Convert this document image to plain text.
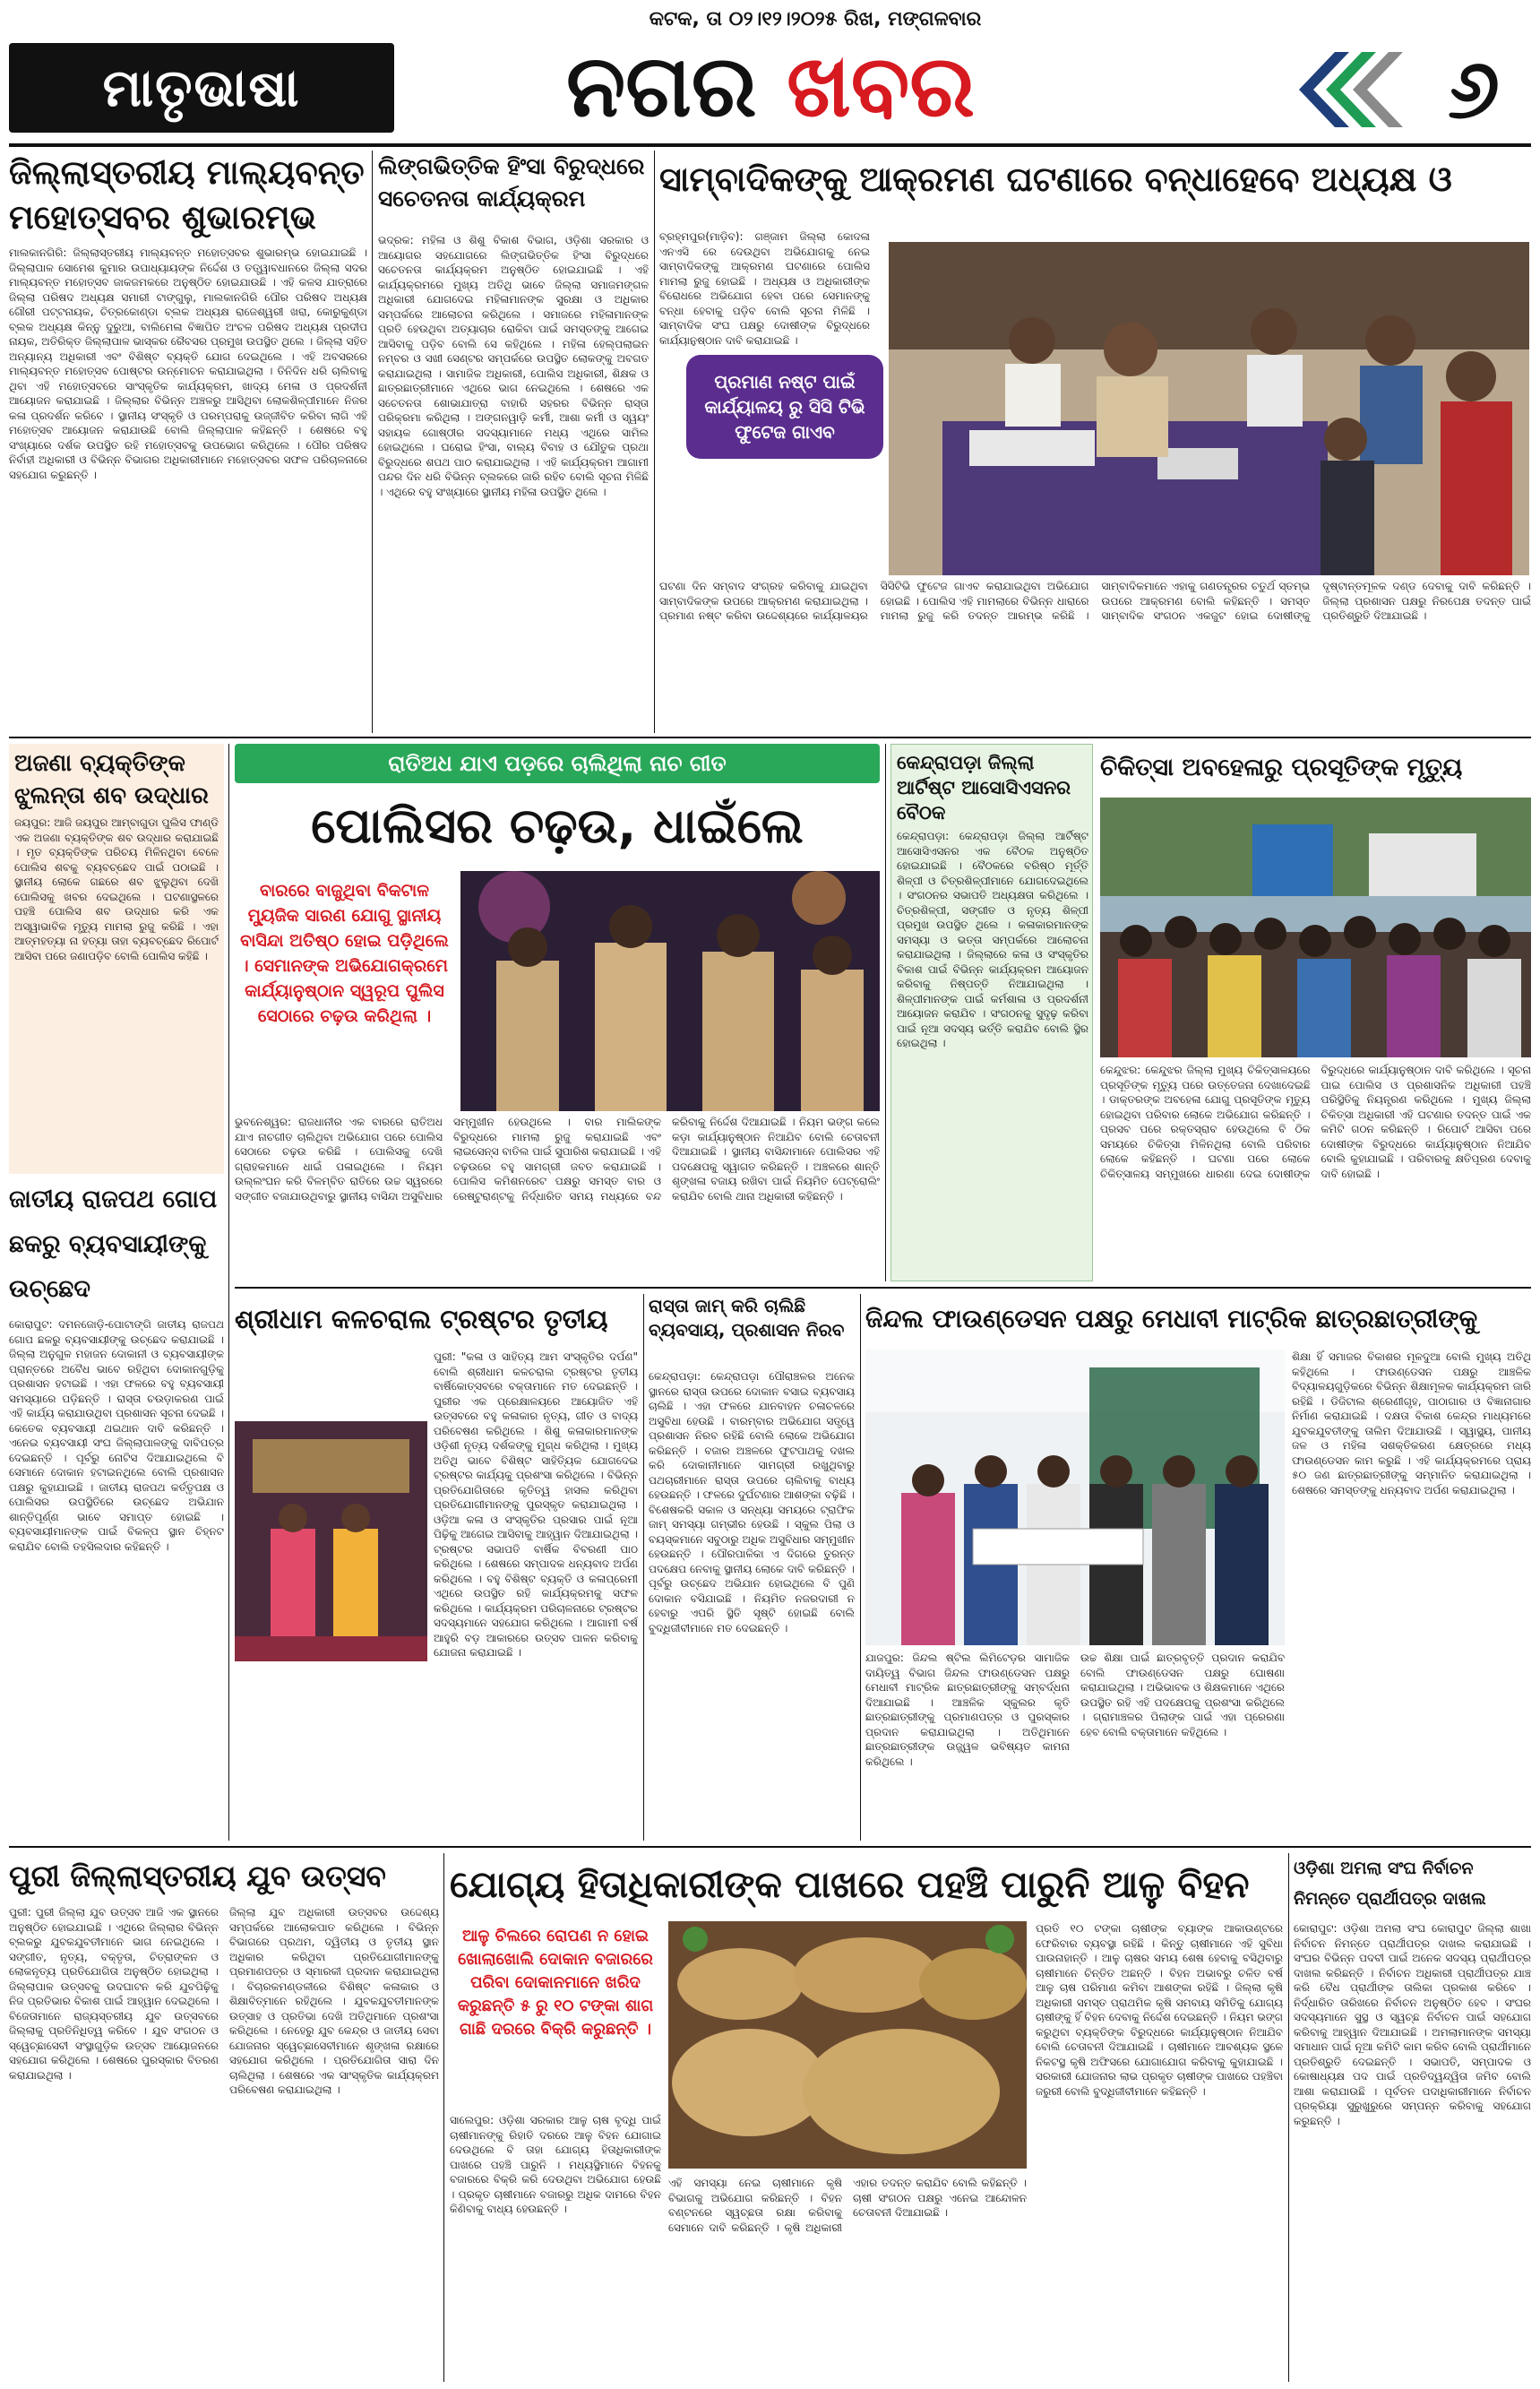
କଟକ, ତା ୦୨।୧୨।୨୦୨୫ ରିଖ, ମଙ୍ଗଳବାର
ମାତୃଭାଷା	ନଗର ଖବର	୬
ଜିଲ୍ଲାସ୍ତରୀୟ ମାଲ୍ୟବନ୍ତ ମହୋତ୍ସବର ଶୁଭାରମ୍ଭ
ମାଲକାନଗିରି: ଜିଲ୍ଲାସ୍ତରୀୟ ମାଲ୍ୟବନ୍ତ ମହୋତ୍ସବର ଶୁଭାରମ୍ଭ ହୋଇଯାଇଛି । ଜିଲ୍ଲାପାଳ ସୋମେଶ କୁମାର ଉପାଧ୍ୟାୟଙ୍କ ନିର୍ଦ୍ଦେଶ ଓ ତତ୍ତ୍ୱାବଧାନରେ ଜିଲ୍ଲା ସଦର ମାଲ୍ୟବନ୍ତ ମହୋତ୍ସବ ଜାକଜମକରେ ଅନୁଷ୍ଠିତ ହୋଇଯାଉଛି । ଏହି କଳସ ଯାତ୍ରାରେ ଜିଲ୍ଲା ପରିଷଦ ଅଧ୍ୟକ୍ଷ ସମାରୀ ଟାଙ୍ଗୁଲୁ, ମାଲକାନଗିରି ପୌର ପରିଷଦ ଅଧ୍ୟକ୍ଷ ଗୌରୀ ପଟ୍ଟନାୟକ, ଚିତ୍ରକୋଣ୍ଡା ବ୍ଲକ ଅଧ୍ୟକ୍ଷ ରାଜେଶ୍ୱରୀ ଖରା, କୋରୁକୁଣ୍ଡା ବ୍ଲକ ଅଧ୍ୟକ୍ଷ କିନ୍ନୁ ଦୁରୁଆ, ବାଲିମେଳା ବିଜ୍ଞାପିତ ଅଂଚଳ ପରିଷଦ ଅଧ୍ୟକ୍ଷ ପ୍ରଦୀପ ନାୟକ, ଅତିରିକ୍ତ ଜିଲ୍ଲାପାଳ ଭାସ୍କର ରୈବସର ପ୍ରମୁଖ ଉପସ୍ଥିତ ଥିଲେ । ଜିଲ୍ଲା ସହିତ ଅନ୍ୟାନ୍ୟ ଅଧିକାରୀ ଏବଂ ବିଶିଷ୍ଟ ବ୍ୟକ୍ତି ଯୋଗ ଦେଇଥିଲେ । ଏହି ଅବସରରେ ମାଲ୍ୟବନ୍ତ ମହୋତ୍ସବ ପୋଷ୍ଟର ଉନ୍ମୋଚନ କରାଯାଇଥିଲା । ତିନିଦିନ ଧରି ଚାଲିବାକୁ ଥିବା ଏହି ମହୋତ୍ସବରେ ସାଂସ୍କୃତିକ କାର୍ଯ୍ୟକ୍ରମ, ଖାଦ୍ୟ ମେଳା ଓ ପ୍ରଦର୍ଶନୀ ଆୟୋଜନ କରାଯାଇଛି । ଜିଲ୍ଲାର ବିଭିନ୍ନ ଅଞ୍ଚଳରୁ ଆସିଥିବା ଲୋକଶିଳ୍ପୀମାନେ ନିଜର କଳା ପ୍ରଦର୍ଶନ କରିବେ । ସ୍ଥାନୀୟ ସଂସ୍କୃତି ଓ ପରମ୍ପରାକୁ ଉଜ୍ଜୀବିତ କରିବା ଲାଗି ଏହି ମହୋତ୍ସବ ଆୟୋଜନ କରାଯାଉଛି ବୋଲି ଜିଲ୍ଲାପାଳ କହିଛନ୍ତି । ଶେଷରେ ବହୁ ସଂଖ୍ୟାରେ ଦର୍ଶକ ଉପସ୍ଥିତ ରହି ମହୋତ୍ସବକୁ ଉପଭୋଗ କରିଥିଲେ । ପୌର ପରିଷଦ ନିର୍ବାହୀ ଅଧିକାରୀ ଓ ବିଭିନ୍ନ ବିଭାଗର ଅଧିକାରୀମାନେ ମହୋତ୍ସବର ସଫଳ ପରିଚାଳନାରେ ସହଯୋଗ କରୁଛନ୍ତି ।
ଲିଙ୍ଗଭିତ୍ତିକ ହିଂସା ବିରୁଦ୍ଧରେ ସଚେତନତା କାର୍ଯ୍ୟକ୍ରମ
ଭଦ୍ରକ: ମହିଳା ଓ ଶିଶୁ ବିକାଶ ବିଭାଗ, ଓଡ଼ିଶା ସରକାର ଓ ଆୟୋଗର ସହଯୋଗରେ ଲିଙ୍ଗଭିତ୍ତିକ ହିଂସା ବିରୁଦ୍ଧରେ ସଚେତନତା କାର୍ଯ୍ୟକ୍ରମ ଅନୁଷ୍ଠିତ ହୋଇଯାଇଛି । ଏହି କାର୍ଯ୍ୟକ୍ରମରେ ମୁଖ୍ୟ ଅତିଥି ଭାବେ ଜିଲ୍ଲା ସମାଜମଙ୍ଗଳ ଅଧିକାରୀ ଯୋଗଦେଇ ମହିଳାମାନଙ୍କ ସୁରକ୍ଷା ଓ ଅଧିକାର ସମ୍ପର୍କରେ ଆଲୋଚନା କରିଥିଲେ । ସମାଜରେ ମହିଳାମାନଙ୍କ ପ୍ରତି ହେଉଥିବା ଅତ୍ୟାଚାର ରୋକିବା ପାଇଁ ସମସ୍ତଙ୍କୁ ଆଗେଇ ଆସିବାକୁ ପଡ଼ିବ ବୋଲି ସେ କହିଥିଲେ । ମହିଳା ହେଲ୍ପଲାଇନ ନମ୍ବର ଓ ସଖୀ ସେଣ୍ଟର ସମ୍ପର୍କରେ ଉପସ୍ଥିତ ଲୋକଙ୍କୁ ଅବଗତ କରାଯାଇଥିଲା । ସାମାଜିକ ଅଧିକାରୀ, ପୋଲିସ ଅଧିକାରୀ, ଶିକ୍ଷକ ଓ ଛାତ୍ରଛାତ୍ରୀମାନେ ଏଥିରେ ଭାଗ ନେଇଥିଲେ । ଶେଷରେ ଏକ ସଚେତନତା ଶୋଭାଯାତ୍ରା ବାହାରି ସହରର ବିଭିନ୍ନ ରାସ୍ତା ପରିକ୍ରମା କରିଥିଲା । ଅଙ୍ଗନୱାଡ଼ି କର୍ମୀ, ଆଶା କର୍ମୀ ଓ ସ୍ୱୟଂ ସହାୟକ ଗୋଷ୍ଠୀର ସଦସ୍ୟାମାନେ ମଧ୍ୟ ଏଥିରେ ସାମିଲ ହୋଇଥିଲେ । ଘରୋଇ ହିଂସା, ବାଲ୍ୟ ବିବାହ ଓ ଯୌତୁକ ପ୍ରଥା ବିରୁଦ୍ଧରେ ଶପଥ ପାଠ କରାଯାଇଥିଲା । ଏହି କାର୍ଯ୍ୟକ୍ରମ ଆଗାମୀ ପନ୍ଦର ଦିନ ଧରି ବିଭିନ୍ନ ବ୍ଲକରେ ଜାରି ରହିବ ବୋଲି ସୂଚନା ମିଳିଛି । ଏଥିରେ ବହୁ ସଂଖ୍ୟାରେ ସ୍ଥାନୀୟ ମହିଳା ଉପସ୍ଥିତ ଥିଲେ ।
ସାମ୍ବାଦିକଙ୍କୁ ଆକ୍ରମଣ ଘଟଣାରେ ବନ୍ଧାହେବେ ଅଧ୍ୟକ୍ଷ ଓ
ବ୍ରହ୍ମପୁର(ମାଡ଼ିବ): ଗଞ୍ଜାମ ଜିଲ୍ଲା କୋଦଳା ଏନଏସି ରେ ଦେଉଥିବା ଅଭିଯୋଗକୁ ନେଇ ସାମ୍ବାଦିକଙ୍କୁ ଆକ୍ରମଣ ଘଟଣାରେ ପୋଲିସ ମାମଲା ରୁଜୁ ହୋଇଛି । ଅଧ୍ୟକ୍ଷ ଓ ଅଧିକାରୀଙ୍କ ବିରୋଧରେ ଅଭିଯୋଗ ହେବା ପରେ ସେମାନଙ୍କୁ ବନ୍ଧା ହେବାକୁ ପଡ଼ିବ ବୋଲି ସୂଚନା ମିଳିଛି । ସାମ୍ବାଦିକ ସଂଘ ପକ୍ଷରୁ ଦୋଷୀଙ୍କ ବିରୁଦ୍ଧରେ କାର୍ଯ୍ୟାନୁଷ୍ଠାନ ଦାବି କରାଯାଇଛି ।
ପ୍ରମାଣ ନଷ୍ଟ ପାଇଁ କାର୍ଯ୍ୟାଳୟ ରୁ ସିସି ଟିଭି ଫୁଟେଜ ଗାଏବ
ଘଟଣା ଦିନ ସମ୍ବାଦ ସଂଗ୍ରହ କରିବାକୁ ଯାଇଥିବା ସାମ୍ବାଦିକଙ୍କ ଉପରେ ଆକ୍ରମଣ କରାଯାଇଥିଲା । ପ୍ରମାଣ ନଷ୍ଟ କରିବା ଉଦ୍ଦେଶ୍ୟରେ କାର୍ଯ୍ୟାଳୟର ସିସିଟିଭି ଫୁଟେଜ ଗାଏବ କରାଯାଇଥିବା ଅଭିଯୋଗ ହୋଇଛି । ପୋଲିସ ଏହି ମାମଲାରେ ବିଭିନ୍ନ ଧାରାରେ ମାମଲା ରୁଜୁ କରି ତଦନ୍ତ ଆରମ୍ଭ କରିଛି । ସାମ୍ବାଦିକମାନେ ଏହାକୁ ଗଣତନ୍ତ୍ରର ଚତୁର୍ଥ ସ୍ତମ୍ଭ ଉପରେ ଆକ୍ରମଣ ବୋଲି କହିଛନ୍ତି । ସମସ୍ତ ସାମ୍ବାଦିକ ସଂଗଠନ ଏକଜୁଟ ହୋଇ ଦୋଷୀଙ୍କୁ ଦୃଷ୍ଟାନ୍ତମୂଳକ ଦଣ୍ଡ ଦେବାକୁ ଦାବି କରିଛନ୍ତି । ଜିଲ୍ଲା ପ୍ରଶାସନ ପକ୍ଷରୁ ନିରପେକ୍ଷ ତଦନ୍ତ ପାଇଁ ପ୍ରତିଶ୍ରୁତି ଦିଆଯାଇଛି ।
ଅଜଣା ବ୍ୟକ୍ତିଙ୍କ ଝୁଲନ୍ତା ଶବ ଉଦ୍ଧାର
ଜୟପୁର: ଆଜି ଜୟପୁର ଆମ୍ବାଗୁଡା ପୁଲିସ ଫାଣ୍ଡି ଏକ ଅଜଣା ବ୍ୟକ୍ତିଙ୍କ ଶବ ଉଦ୍ଧାର କରାଯାଇଛି । ମୃତ ବ୍ୟକ୍ତିଙ୍କ ପରିଚୟ ମିଳିନଥିବା ବେଳେ ପୋଲିସ ଶବକୁ ବ୍ୟବଚ୍ଛେଦ ପାଇଁ ପଠାଇଛି । ସ୍ଥାନୀୟ ଲୋକେ ଗଛରେ ଶବ ଝୁଲୁଥିବା ଦେଖି ପୋଲିସକୁ ଖବର ଦେଇଥିଲେ । ଘଟଣାସ୍ଥଳରେ ପହଞ୍ଚି ପୋଲିସ ଶବ ଉଦ୍ଧାର କରି ଏକ ଅସ୍ୱାଭାବିକ ମୃତ୍ୟୁ ମାମଲା ରୁଜୁ କରିଛି । ଏହା ଆତ୍ମହତ୍ୟା ନା ହତ୍ୟା ତାହା ବ୍ୟବଚ୍ଛେଦ ରିପୋର୍ଟ ଆସିବା ପରେ ଜଣାପଡ଼ିବ ବୋଲି ପୋଲିସ କହିଛି ।
ଜାତୀୟ ରାଜପଥ ଗୋପ ଛକରୁ ବ୍ୟବସାୟୀଙ୍କୁ ଉଚ୍ଛେଦ
କୋରାପୁଟ: ଦମନଜୋଡ଼ି-ପୋଟାଙ୍ଗି ଜାତୀୟ ରାଜପଥ ଗୋପ ଛକରୁ ବ୍ୟବସାୟୀଙ୍କୁ ଉଚ୍ଛେଦ କରାଯାଇଛି । ଜିଲ୍ଲା ଅନୁଗୁଳ ମହାଜନ ଦୋକାନୀ ଓ ବ୍ୟବସାୟୀଙ୍କ ପ୍ରାନ୍ତରେ ଅବୈଧ ଭାବେ ରହିଥିବା ଦୋକାନଗୁଡ଼ିକୁ ପ୍ରଶାସନ ହଟାଇଛି । ଏହା ଫଳରେ ବହୁ ବ୍ୟବସାୟୀ ସମସ୍ୟାରେ ପଡ଼ିଛନ୍ତି । ରାସ୍ତା ଚଉଡ଼ାକରଣ ପାଇଁ ଏହି କାର୍ଯ୍ୟ କରାଯାଉଥିବା ପ୍ରଶାସନ ସୂଚନା ଦେଇଛି । କେତେକ ବ୍ୟବସାୟୀ ଥଇଥାନ ଦାବି କରିଛନ୍ତି । ଏନେଇ ବ୍ୟବସାୟୀ ସଂଘ ଜିଲ୍ଲାପାଳଙ୍କୁ ଦାବିପତ୍ର ଦେଇଛନ୍ତି । ପୂର୍ବରୁ ନୋଟିସ ଦିଆଯାଇଥିଲେ ବି ସେମାନେ ଦୋକାନ ହଟାଇନଥିଲେ ବୋଲି ପ୍ରଶାସନ ପକ୍ଷରୁ କୁହାଯାଇଛି । ଜାତୀୟ ରାଜପଥ କର୍ତ୍ତୃପକ୍ଷ ଓ ପୋଲିସର ଉପସ୍ଥିତିରେ ଉଚ୍ଛେଦ ଅଭିଯାନ ଶାନ୍ତିପୂର୍ଣ୍ଣ ଭାବେ ସମାପ୍ତ ହୋଇଛି । ବ୍ୟବସାୟୀମାନଙ୍କ ପାଇଁ ବିକଳ୍ପ ସ୍ଥାନ ଚିହ୍ନଟ କରାଯିବ ବୋଲି ତହସିଲଦାର କହିଛନ୍ତି ।
ରାତିଅଧ ଯାଏ ପଡ଼ରେ ଚାଲିଥିଲା ନାଚ ଗୀତ
ପୋଲିସର ଚଢ଼ଉ, ଧାଇଁଲେ
ବାରରେ ବାଜୁଥିବା ବିକଟାଳ ମ୍ୟୁଜିକ ସାରଣ ଯୋଗୁ ସ୍ଥାନୀୟ ବାସିନ୍ଦା ଅତିଷ୍ଠ ହୋଇ ପଡ଼ିଥିଲେ । ସେମାନଙ୍କ ଅଭିଯୋଗକ୍ରମେ କାର୍ଯ୍ୟାନୁଷ୍ଠାନ ସ୍ୱରୂପ ପୁଲିସ ସେଠାରେ ଚଢ଼ଉ କରିଥିଲା ।
ଭୁବନେଶ୍ୱର: ରାଜଧାନୀର ଏକ ବାରରେ ରାତିଅଧ ଯାଏ ନାଚଗୀତ ଚାଲିଥିବା ଅଭିଯୋଗ ପରେ ପୋଲିସ ସେଠାରେ ଚଢ଼ଉ କରିଛି । ପୋଲିସକୁ ଦେଖି ଗ୍ରାହକମାନେ ଧାଇଁ ପଳାଇଥିଲେ । ନିୟମ ଉଲ୍ଲଂଘନ କରି ବିଳମ୍ବିତ ରାତିରେ ଉଚ୍ଚ ସ୍ୱରରେ ସଙ୍ଗୀତ ବଜାଯାଉଥିବାରୁ ସ୍ଥାନୀୟ ବାସିନ୍ଦା ଅସୁବିଧାର ସମ୍ମୁଖୀନ ହେଉଥିଲେ । ବାର ମାଲିକଙ୍କ ବିରୁଦ୍ଧରେ ମାମଲା ରୁଜୁ କରାଯାଇଛି ଏବଂ ଲାଇସେନ୍ସ ବାତିଲ ପାଇଁ ସୁପାରିଶ କରାଯାଇଛି । ଏହି ଚଢ଼ଉରେ ବହୁ ସାମଗ୍ରୀ ଜବତ କରାଯାଇଛି । ପୋଲିସ କମିଶନରେଟ ପକ୍ଷରୁ ସମସ୍ତ ବାର ଓ ରେଷ୍ଟୁରାଣ୍ଟକୁ ନିର୍ଦ୍ଧାରିତ ସମୟ ମଧ୍ୟରେ ବନ୍ଦ କରିବାକୁ ନିର୍ଦ୍ଦେଶ ଦିଆଯାଇଛି । ନିୟମ ଭଙ୍ଗ କଲେ କଡ଼ା କାର୍ଯ୍ୟାନୁଷ୍ଠାନ ନିଆଯିବ ବୋଲି ଚେତାବନୀ ଦିଆଯାଇଛି । ସ୍ଥାନୀୟ ବାସିନ୍ଦାମାନେ ପୋଲିସର ଏହି ପଦକ୍ଷେପକୁ ସ୍ୱାଗତ କରିଛନ୍ତି । ଅଞ୍ଚଳରେ ଶାନ୍ତି ଶୃଙ୍ଖଳା ବଜାୟ ରଖିବା ପାଇଁ ନିୟମିତ ପେଟ୍ରୋଲିଂ କରାଯିବ ବୋଲି ଥାନା ଅଧିକାରୀ କହିଛନ୍ତି ।
କେନ୍ଦ୍ରାପଡ଼ା ଜିଲ୍ଲା ଆର୍ଟିଷ୍ଟ ଆସୋସିଏସନର ବୈଠକ
କେନ୍ଦ୍ରାପଡ଼ା: କେନ୍ଦ୍ରାପଡ଼ା ଜିଲ୍ଲା ଆର୍ଟିଷ୍ଟ ଆସୋସିଏସନର ଏକ ବୈଠକ ଅନୁଷ୍ଠିତ ହୋଇଯାଇଛି । ବୈଠକରେ ବରିଷ୍ଠ ମୂର୍ତ୍ତି ଶିଳ୍ପୀ ଓ ଚିତ୍ରଶିଳ୍ପୀମାନେ ଯୋଗଦେଇଥିଲେ । ସଂଗଠନର ସଭାପତି ଅଧ୍ୟକ୍ଷତା କରିଥିଲେ । ଚିତ୍ରଶିଳ୍ପୀ, ସଙ୍ଗୀତ ଓ ନୃତ୍ୟ ଶିଳ୍ପୀ ପ୍ରମୁଖ ଉପସ୍ଥିତ ଥିଲେ । କଳାକାରମାନଙ୍କ ସମସ୍ୟା ଓ ଭତ୍ତା ସମ୍ପର୍କରେ ଆଲୋଚନା କରାଯାଇଥିଲା । ଜିଲ୍ଲାରେ କଳା ଓ ସଂସ୍କୃତିର ବିକାଶ ପାଇଁ ବିଭିନ୍ନ କାର୍ଯ୍ୟକ୍ରମ ଆୟୋଜନ କରିବାକୁ ନିଷ୍ପତ୍ତି ନିଆଯାଇଥିଲା । ଶିଳ୍ପୀମାନଙ୍କ ପାଇଁ କର୍ମଶାଳା ଓ ପ୍ରଦର୍ଶନୀ ଆୟୋଜନ କରାଯିବ । ସଂଗଠନକୁ ସୁଦୃଢ଼ କରିବା ପାଇଁ ନୂଆ ସଦସ୍ୟ ଭର୍ତ୍ତି କରାଯିବ ବୋଲି ସ୍ଥିର ହୋଇଥିଲା ।
ଚିକିତ୍ସା ଅବହେଳାରୁ ପ୍ରସୂତିଙ୍କ ମୃତ୍ୟୁ
କେନ୍ଦୁଝର: କେନ୍ଦୁଝର ଜିଲ୍ଲା ମୁଖ୍ୟ ଚିକିତ୍ସାଳୟରେ ପ୍ରସୂତିଙ୍କ ମୃତ୍ୟୁ ପରେ ଉତ୍ତେଜନା ଦେଖାଦେଇଛି । ଡାକ୍ତରଙ୍କ ଅବହେଳା ଯୋଗୁ ପ୍ରସୂତିଙ୍କ ମୃତ୍ୟୁ ହୋଇଥିବା ପରିବାର ଲୋକେ ଅଭିଯୋଗ କରିଛନ୍ତି । ପ୍ରସବ ପରେ ରକ୍ତସ୍ରାବ ହେଉଥିଲେ ବି ଠିକ ସମୟରେ ଚିକିତ୍ସା ମିଳିନଥିଲା ବୋଲି ପରିବାର ଲୋକେ କହିଛନ୍ତି । ଘଟଣା ପରେ ଲୋକେ ଚିକିତ୍ସାଳୟ ସମ୍ମୁଖରେ ଧାରଣା ଦେଇ ଦୋଷୀଙ୍କ ବିରୁଦ୍ଧରେ କାର୍ଯ୍ୟାନୁଷ୍ଠାନ ଦାବି କରିଥିଲେ । ସୂଚନା ପାଇ ପୋଲିସ ଓ ପ୍ରଶାସନିକ ଅଧିକାରୀ ପହଞ୍ଚି ପରିସ୍ଥିତିକୁ ନିୟନ୍ତ୍ରଣ କରିଥିଲେ । ମୁଖ୍ୟ ଜିଲ୍ଲା ଚିକିତ୍ସା ଅଧିକାରୀ ଏହି ଘଟଣାର ତଦନ୍ତ ପାଇଁ ଏକ କମିଟି ଗଠନ କରିଛନ୍ତି । ରିପୋର୍ଟ ଆସିବା ପରେ ଦୋଷୀଙ୍କ ବିରୁଦ୍ଧରେ କାର୍ଯ୍ୟାନୁଷ୍ଠାନ ନିଆଯିବ ବୋଲି କୁହାଯାଇଛି । ପରିବାରକୁ କ୍ଷତିପୂରଣ ଦେବାକୁ ଦାବି ହୋଇଛି ।
ଶ୍ରୀଧାମ କଳଚରାଲ ଟ୍ରଷ୍ଟର ତୃତୀୟ
ପୁରୀ: "କଳା ଓ ସାହିତ୍ୟ ଆମ ସଂସ୍କୃତିର ଦର୍ପଣ" ବୋଲି ଶ୍ରୀଧାମ କଳଚରାଲ ଟ୍ରଷ୍ଟର ତୃତୀୟ ବାର୍ଷିକୋତ୍ସବରେ ବକ୍ତାମାନେ ମତ ଦେଇଛନ୍ତି । ପୁରୀର ଏକ ପ୍ରେକ୍ଷାଳୟରେ ଆୟୋଜିତ ଏହି ଉତ୍ସବରେ ବହୁ କଳାକାର ନୃତ୍ୟ, ଗୀତ ଓ ବାଦ୍ୟ ପରିବେଷଣ କରିଥିଲେ । ଶିଶୁ କଳାକାରମାନଙ୍କ ଓଡ଼ିଶୀ ନୃତ୍ୟ ଦର୍ଶକଙ୍କୁ ମୁଗ୍ଧ କରିଥିଲା । ମୁଖ୍ୟ ଅତିଥି ଭାବେ ବିଶିଷ୍ଟ ସାହିତ୍ୟିକ ଯୋଗଦେଇ ଟ୍ରଷ୍ଟର କାର୍ଯ୍ୟକୁ ପ୍ରଶଂସା କରିଥିଲେ । ବିଭିନ୍ନ ପ୍ରତିଯୋଗିତାରେ କୃତିତ୍ୱ ହାସଲ କରିଥିବା ପ୍ରତିଯୋଗୀମାନଙ୍କୁ ପୁରସ୍କୃତ କରାଯାଇଥିଲା । ଓଡ଼ିଆ କଳା ଓ ସଂସ୍କୃତିର ପ୍ରସାର ପାଇଁ ନୂଆ ପିଢ଼ିକୁ ଆଗେଇ ଆସିବାକୁ ଆହ୍ୱାନ ଦିଆଯାଇଥିଲା । ଟ୍ରଷ୍ଟର ସଭାପତି ବାର୍ଷିକ ବିବରଣୀ ପାଠ କରିଥିଲେ । ଶେଷରେ ସମ୍ପାଦକ ଧନ୍ୟବାଦ ଅର୍ପଣ କରିଥିଲେ । ବହୁ ବିଶିଷ୍ଟ ବ୍ୟକ୍ତି ଓ କଳାପ୍ରେମୀ ଏଥିରେ ଉପସ୍ଥିତ ରହି କାର୍ଯ୍ୟକ୍ରମକୁ ସଫଳ କରିଥିଲେ । କାର୍ଯ୍ୟକ୍ରମ ପରିଚାଳନାରେ ଟ୍ରଷ୍ଟର ସଦସ୍ୟମାନେ ସହଯୋଗ କରିଥିଲେ । ଆଗାମୀ ବର୍ଷ ଆହୁରି ବଡ଼ ଆକାରରେ ଉତ୍ସବ ପାଳନ କରିବାକୁ ଯୋଜନା କରାଯାଇଛି ।
ରାସ୍ତା ଜାମ୍ କରି ଚାଲିଛି ବ୍ୟବସାୟ, ପ୍ରଶାସନ ନିରବ
କେନ୍ଦ୍ରାପଡ଼ା: କେନ୍ଦ୍ରାପଡ଼ା ପୌରାଞ୍ଚଳର ଅନେକ ସ୍ଥାନରେ ରାସ୍ତା ଉପରେ ଦୋକାନ ବସାଇ ବ୍ୟବସାୟ ଚାଲିଛି । ଏହା ଫଳରେ ଯାନବାହନ ଚଳାଚଳରେ ଅସୁବିଧା ହେଉଛି । ବାରମ୍ବାର ଅଭିଯୋଗ ସତ୍ତ୍ୱେ ପ୍ରଶାସନ ନିରବ ରହିଛି ବୋଲି ଲୋକେ ଅଭିଯୋଗ କରିଛନ୍ତି । ବଜାର ଅଞ୍ଚଳରେ ଫୁଟପାଥକୁ ଦଖଲ କରି ଦୋକାନୀମାନେ ସାମଗ୍ରୀ ରଖୁଥିବାରୁ ପଥଚାରୀମାନେ ରାସ୍ତା ଉପରେ ଚାଲିବାକୁ ବାଧ୍ୟ ହେଉଛନ୍ତି । ଫଳରେ ଦୁର୍ଘଟଣାର ଆଶଙ୍କା ବଢ଼ିଛି । ବିଶେଷକରି ସକାଳ ଓ ସନ୍ଧ୍ୟା ସମୟରେ ଟ୍ରାଫିକ ଜାମ୍ ସମସ୍ୟା ଗମ୍ଭୀର ହେଉଛି । ସ୍କୁଲ ପିଲା ଓ ବୟସ୍କମାନେ ସବୁଠାରୁ ଅଧିକ ଅସୁବିଧାର ସମ୍ମୁଖୀନ ହେଉଛନ୍ତି । ପୌରପାଳିକା ଏ ଦିଗରେ ତୁରନ୍ତ ପଦକ୍ଷେପ ନେବାକୁ ସ୍ଥାନୀୟ ଲୋକେ ଦାବି କରିଛନ୍ତି । ପୂର୍ବରୁ ଉଚ୍ଛେଦ ଅଭିଯାନ ହୋଇଥିଲେ ବି ପୁଣି ଦୋକାନ ବସିଯାଇଛି । ନିୟମିତ ନଜରଦାରୀ ନ ହେବାରୁ ଏପରି ସ୍ଥିତି ସୃଷ୍ଟି ହୋଇଛି ବୋଲି ବୁଦ୍ଧିଜୀବୀମାନେ ମତ ଦେଇଛନ୍ତି ।
ଜିନ୍ଦଲ ଫାଉଣ୍ଡେସନ ପକ୍ଷରୁ ମେଧାବୀ ମାଟ୍ରିକ ଛାତ୍ରଛାତ୍ରୀଙ୍କୁ
ଶିକ୍ଷା ହିଁ ସମାଜର ବିକାଶର ମୂଳଦୁଆ ବୋଲି ମୁଖ୍ୟ ଅତିଥି କହିଥିଲେ । ଫାଉଣ୍ଡେସନ ପକ୍ଷରୁ ଆଞ୍ଚଳିକ ବିଦ୍ୟାଳୟଗୁଡ଼ିକରେ ବିଭିନ୍ନ ଶିକ୍ଷାମୂଳକ କାର୍ଯ୍ୟକ୍ରମ ଜାରି ରହିଛି । ଡିଜିଟାଲ ଶ୍ରେଣୀଗୃହ, ପାଠାଗାର ଓ ବିଜ୍ଞାନାଗାର ନିର୍ମାଣ କରାଯାଇଛି । ଦକ୍ଷତା ବିକାଶ କେନ୍ଦ୍ର ମାଧ୍ୟମରେ ଯୁବକଯୁବତୀଙ୍କୁ ତାଲିମ ଦିଆଯାଉଛି । ସ୍ୱାସ୍ଥ୍ୟ, ପାନୀୟ ଜଳ ଓ ମହିଳା ସଶକ୍ତିକରଣ କ୍ଷେତ୍ରରେ ମଧ୍ୟ ଫାଉଣ୍ଡେସନ କାମ କରୁଛି । ଏହି କାର୍ଯ୍ୟକ୍ରମରେ ପ୍ରାୟ ୫୦ ଜଣ ଛାତ୍ରଛାତ୍ରୀଙ୍କୁ ସମ୍ମାନିତ କରାଯାଇଥିଲା । ଶେଷରେ ସମସ୍ତଙ୍କୁ ଧନ୍ୟବାଦ ଅର୍ପଣ କରାଯାଇଥିଲା ।
ଯାଜପୁର: ଜିନ୍ଦଲ ଷ୍ଟିଲ ଲିମିଟେଡ଼ର ସାମାଜିକ ଦାୟିତ୍ୱ ବିଭାଗ ଜିନ୍ଦଲ ଫାଉଣ୍ଡେସନ ପକ୍ଷରୁ ମେଧାବୀ ମାଟ୍ରିକ ଛାତ୍ରଛାତ୍ରୀଙ୍କୁ ସମ୍ବର୍ଦ୍ଧନା ଦିଆଯାଇଛି । ଆଞ୍ଚଳିକ ସ୍କୁଲର କୃତି ଛାତ୍ରଛାତ୍ରୀଙ୍କୁ ପ୍ରମାଣପତ୍ର ଓ ପୁରସ୍କାର ପ୍ରଦାନ କରାଯାଇଥିଲା । ଅତିଥିମାନେ ଛାତ୍ରଛାତ୍ରୀଙ୍କ ଉଜ୍ଜ୍ୱଳ ଭବିଷ୍ୟତ କାମନା କରିଥିଲେ ।
ଉଚ୍ଚ ଶିକ୍ଷା ପାଇଁ ଛାତ୍ରବୃତ୍ତି ପ୍ରଦାନ କରାଯିବ ବୋଲି ଫାଉଣ୍ଡେସନ ପକ୍ଷରୁ ଘୋଷଣା କରାଯାଇଥିଲା । ଅଭିଭାବକ ଓ ଶିକ୍ଷକମାନେ ଏଥିରେ ଉପସ୍ଥିତ ରହି ଏହି ପଦକ୍ଷେପକୁ ପ୍ରଶଂସା କରିଥିଲେ । ଗ୍ରାମାଞ୍ଚଳର ପିଲାଙ୍କ ପାଇଁ ଏହା ପ୍ରେରଣା ହେବ ବୋଲି ବକ୍ତାମାନେ କହିଥିଲେ ।
ପୁରୀ ଜିଲ୍ଲାସ୍ତରୀୟ ଯୁବ ଉତ୍ସବ
ପୁରୀ: ପୁରୀ ଜିଲ୍ଲା ଯୁବ ଉତ୍ସବ ଆଜି ଏକ ସ୍ଥାନରେ ଅନୁଷ୍ଠିତ ହୋଇଯାଇଛି । ଏଥିରେ ଜିଲ୍ଲାର ବିଭିନ୍ନ ବ୍ଲକରୁ ଯୁବକଯୁବତୀମାନେ ଭାଗ ନେଇଥିଲେ । ସଙ୍ଗୀତ, ନୃତ୍ୟ, ବକ୍ତୃତା, ଚିତ୍ରାଙ୍କନ ଓ ଲୋକନୃତ୍ୟ ପ୍ରତିଯୋଗିତା ଅନୁଷ୍ଠିତ ହୋଇଥିଲା । ଜିଲ୍ଲାପାଳ ଉତ୍ସବକୁ ଉଦଘାଟନ କରି ଯୁବପିଢ଼ିକୁ ନିଜ ପ୍ରତିଭାର ବିକାଶ ପାଇଁ ଆହ୍ୱାନ ଦେଇଥିଲେ । ବିଜେତାମାନେ ରାଜ୍ୟସ୍ତରୀୟ ଯୁବ ଉତ୍ସବରେ ଜିଲ୍ଲାକୁ ପ୍ରତିନିଧିତ୍ୱ କରିବେ । ଯୁବ ସଂଗଠନ ଓ ସ୍ୱେଚ୍ଛାସେବୀ ସଂସ୍ଥାଗୁଡ଼ିକ ଉତ୍ସବ ଆୟୋଜନରେ ସହଯୋଗ କରିଥିଲେ । ଶେଷରେ ପୁରସ୍କାର ବିତରଣ କରାଯାଇଥିଲା ।
ଜିଲ୍ଲା ଯୁବ ଅଧିକାରୀ ଉତ୍ସବର ଉଦ୍ଦେଶ୍ୟ ସମ୍ପର୍କରେ ଆଲୋକପାତ କରିଥିଲେ । ବିଭିନ୍ନ ବିଭାଗରେ ପ୍ରଥମ, ଦ୍ୱିତୀୟ ଓ ତୃତୀୟ ସ୍ଥାନ ଅଧିକାର କରିଥିବା ପ୍ରତିଯୋଗୀମାନଙ୍କୁ ପ୍ରମାଣପତ୍ର ଓ ସ୍ମାରକୀ ପ୍ରଦାନ କରାଯାଇଥିଲା । ବିଚାରକମଣ୍ଡଳୀରେ ବିଶିଷ୍ଟ କଳାକାର ଓ ଶିକ୍ଷାବିତ୍ମାନେ ରହିଥିଲେ । ଯୁବକଯୁବତୀମାନଙ୍କ ଉତ୍ସାହ ଓ ପ୍ରତିଭା ଦେଖି ଅତିଥିମାନେ ପ୍ରଶଂସା କରିଥିଲେ । ନେହେରୁ ଯୁବ କେନ୍ଦ୍ର ଓ ଜାତୀୟ ସେବା ଯୋଜନାର ସ୍ୱେଚ୍ଛାସେବୀମାନେ ଶୃଙ୍ଖଳା ରକ୍ଷାରେ ସହଯୋଗ କରିଥିଲେ । ପ୍ରତିଯୋଗିତା ସାରା ଦିନ ଚାଲିଥିଲା । ଶେଷରେ ଏକ ସାଂସ୍କୃତିକ କାର୍ଯ୍ୟକ୍ରମ ପରିବେଷଣ କରାଯାଇଥିଲା ।
ଯୋଗ୍ୟ ହିତାଧିକାରୀଙ୍କ ପାଖରେ ପହଞ୍ଚି ପାରୁନି ଆଳୁ ବିହନ
ଆଳୁ ଚିଲରେ ରୋପଣ ନ ହୋଇ ଖୋଲାଖୋଲି ଦୋକାନ ବଜାରରେ ପରିବା ଦୋକାନମାନେ ଖରିଦ କରୁଛନ୍ତି ୫ ରୁ ୧୦ ଟଙ୍କା ଶାଗ ଗାଛି ଦରରେ ବିକ୍ରି କରୁଛନ୍ତି ।
ସାଲେପୁର: ଓଡ଼ିଶା ସରକାର ଆଳୁ ଚାଷ ବୃଦ୍ଧି ପାଇଁ ଚାଷୀମାନଙ୍କୁ ରିହାତି ଦରରେ ଆଳୁ ବିହନ ଯୋଗାଇ ଦେଉଥିଲେ ବି ତାହା ଯୋଗ୍ୟ ହିତାଧିକାରୀଙ୍କ ପାଖରେ ପହଞ୍ଚି ପାରୁନି । ମଧ୍ୟସ୍ଥିମାନେ ବିହନକୁ ବଜାରରେ ବିକ୍ରି କରି ଦେଉଥିବା ଅଭିଯୋଗ ହେଉଛି । ପ୍ରକୃତ ଚାଷୀମାନେ ବଜାରରୁ ଅଧିକ ଦାମରେ ବିହନ କିଣିବାକୁ ବାଧ୍ୟ ହେଉଛନ୍ତି ।
ଏହି ସମସ୍ୟା ନେଇ ଚାଷୀମାନେ କୃଷି ବିଭାଗକୁ ଅଭିଯୋଗ କରିଛନ୍ତି । ବିହନ ବଣ୍ଟନରେ ସ୍ୱଚ୍ଛତା ରକ୍ଷା କରିବାକୁ ସେମାନେ ଦାବି କରିଛନ୍ତି । କୃଷି ଅଧିକାରୀ ଏହାର ତଦନ୍ତ କରାଯିବ ବୋଲି କହିଛନ୍ତି । ଚାଷୀ ସଂଗଠନ ପକ୍ଷରୁ ଏନେଇ ଆନ୍ଦୋଳନ ଚେତାବନୀ ଦିଆଯାଇଛି ।
ପ୍ରତି ୧୦ ଟଙ୍କା ଚାଷୀଙ୍କ ବ୍ୟାଙ୍କ ଆକାଉଣ୍ଟରେ ଫେରିବାର ବ୍ୟବସ୍ଥା ରହିଛି । କିନ୍ତୁ ଚାଷୀମାନେ ଏହି ସୁବିଧା ପାଉନାହାନ୍ତି । ଆଳୁ ଚାଷର ସମୟ ଶେଷ ହେବାକୁ ବସିଥିବାରୁ ଚାଷୀମାନେ ଚିନ୍ତିତ ଅଛନ୍ତି । ବିହନ ଅଭାବରୁ ଚଳିତ ବର୍ଷ ଆଳୁ ଚାଷ ପରିମାଣ କମିବା ଆଶଙ୍କା ରହିଛି । ଜିଲ୍ଲା କୃଷି ଅଧିକାରୀ ସମସ୍ତ ପ୍ରାଥମିକ କୃଷି ସମବାୟ ସମିତିକୁ ଯୋଗ୍ୟ ଚାଷୀଙ୍କୁ ହିଁ ବିହନ ଦେବାକୁ ନିର୍ଦ୍ଦେଶ ଦେଇଛନ୍ତି । ନିୟମ ଭଙ୍ଗ କରୁଥିବା ବ୍ୟକ୍ତିଙ୍କ ବିରୁଦ୍ଧରେ କାର୍ଯ୍ୟାନୁଷ୍ଠାନ ନିଆଯିବ ବୋଲି ଚେତାବନୀ ଦିଆଯାଇଛି । ଚାଷୀମାନେ ଆବଶ୍ୟକ ସ୍ଥଳେ ନିକଟସ୍ଥ କୃଷି ଅଫିସରେ ଯୋଗାଯୋଗ କରିବାକୁ କୁହାଯାଇଛି । ସରକାରୀ ଯୋଜନାର ଲାଭ ପ୍ରକୃତ ଚାଷୀଙ୍କ ପାଖରେ ପହଞ୍ଚିବା ଜରୁରୀ ବୋଲି ବୁଦ୍ଧିଜୀବୀମାନେ କହିଛନ୍ତି ।
ଓଡ଼ିଶା ଅମଲା ସଂଘ ନିର୍ବାଚନ ନିମନ୍ତେ ପ୍ରାର୍ଥୀପତ୍ର ଦାଖଲ
କୋରାପୁଟ: ଓଡ଼ିଶା ଅମଲା ସଂଘ କୋରାପୁଟ ଜିଲ୍ଲା ଶାଖା ନିର୍ବାଚନ ନିମନ୍ତେ ପ୍ରାର୍ଥୀପତ୍ର ଦାଖଲ କରାଯାଇଛି । ସଂଘର ବିଭିନ୍ନ ପଦବୀ ପାଇଁ ଅନେକ ସଦସ୍ୟ ପ୍ରାର୍ଥୀପତ୍ର ଦାଖଲ କରିଛନ୍ତି । ନିର୍ବାଚନ ଅଧିକାରୀ ପ୍ରାର୍ଥୀପତ୍ର ଯାଞ୍ଚ କରି ବୈଧ ପ୍ରାର୍ଥୀଙ୍କ ତାଲିକା ପ୍ରକାଶ କରିବେ । ନିର୍ଦ୍ଧାରିତ ତାରିଖରେ ନିର୍ବାଚନ ଅନୁଷ୍ଠିତ ହେବ । ସଂଘର ସଦସ୍ୟମାନେ ସୁସ୍ଥ ଓ ସ୍ୱଚ୍ଛ ନିର୍ବାଚନ ପାଇଁ ସହଯୋଗ କରିବାକୁ ଆହ୍ୱାନ ଦିଆଯାଇଛି । ଅମଲାମାନଙ୍କ ସମସ୍ୟା ସମାଧାନ ପାଇଁ ନୂଆ କମିଟି କାମ କରିବ ବୋଲି ପ୍ରାର୍ଥୀମାନେ ପ୍ରତିଶ୍ରୁତି ଦେଇଛନ୍ତି । ସଭାପତି, ସମ୍ପାଦକ ଓ କୋଷାଧ୍ୟକ୍ଷ ପଦ ପାଇଁ ପ୍ରତିଦ୍ୱନ୍ଦ୍ୱିତା ଜମିବ ବୋଲି ଆଶା କରାଯାଉଛି । ପୂର୍ବତନ ପଦାଧିକାରୀମାନେ ନିର୍ବାଚନ ପ୍ରକ୍ରିୟା ସୁରୁଖୁରୁରେ ସମ୍ପନ୍ନ କରିବାକୁ ସହଯୋଗ କରୁଛନ୍ତି ।
